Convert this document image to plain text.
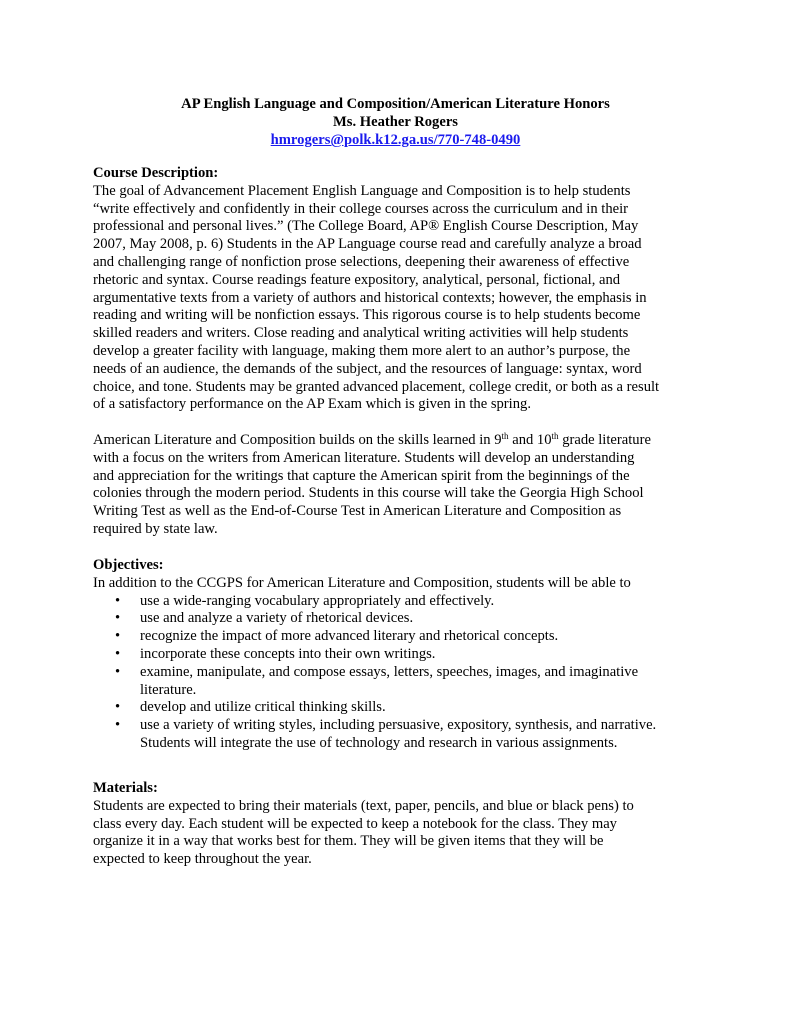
AP English Language and Composition/American Literature Honors
Ms. Heather Rogers
hmrogers@polk.k12.ga.us/770-748-0490
Course Description:
The goal of Advancement Placement English Language and Composition is to help students
“write effectively and confidently in their college courses across the curriculum and in their
professional and personal lives.” (The College Board, AP® English Course Description, May
2007, May 2008, p. 6) Students in the AP Language course read and carefully analyze a broad
and challenging range of nonfiction prose selections, deepening their awareness of effective
rhetoric and syntax. Course readings feature expository, analytical, personal, fictional, and
argumentative texts from a variety of authors and historical contexts; however, the emphasis in
reading and writing will be nonfiction essays. This rigorous course is to help students become
skilled readers and writers. Close reading and analytical writing activities will help students
develop a greater facility with language, making them more alert to an author’s purpose, the
needs of an audience, the demands of the subject, and the resources of language: syntax, word
choice, and tone. Students may be granted advanced placement, college credit, or both as a result
of a satisfactory performance on the AP Exam which is given in the spring.
American Literature and Composition builds on the skills learned in 9th and 10th grade literature
with a focus on the writers from American literature. Students will develop an understanding
and appreciation for the writings that capture the American spirit from the beginnings of the
colonies through the modern period. Students in this course will take the Georgia High School
Writing Test as well as the End-of-Course Test in American Literature and Composition as
required by state law.
Objectives:
In addition to the CCGPS for American Literature and Composition, students will be able to
• use a wide-ranging vocabulary appropriately and effectively.
• use and analyze a variety of rhetorical devices.
• recognize the impact of more advanced literary and rhetorical concepts.
• incorporate these concepts into their own writings.
• examine, manipulate, and compose essays, letters, speeches, images, and imaginative
literature.
• develop and utilize critical thinking skills.
• use a variety of writing styles, including persuasive, expository, synthesis, and narrative.
Students will integrate the use of technology and research in various assignments.
Materials:
Students are expected to bring their materials (text, paper, pencils, and blue or black pens) to
class every day. Each student will be expected to keep a notebook for the class. They may
organize it in a way that works best for them. They will be given items that they will be
expected to keep throughout the year.
